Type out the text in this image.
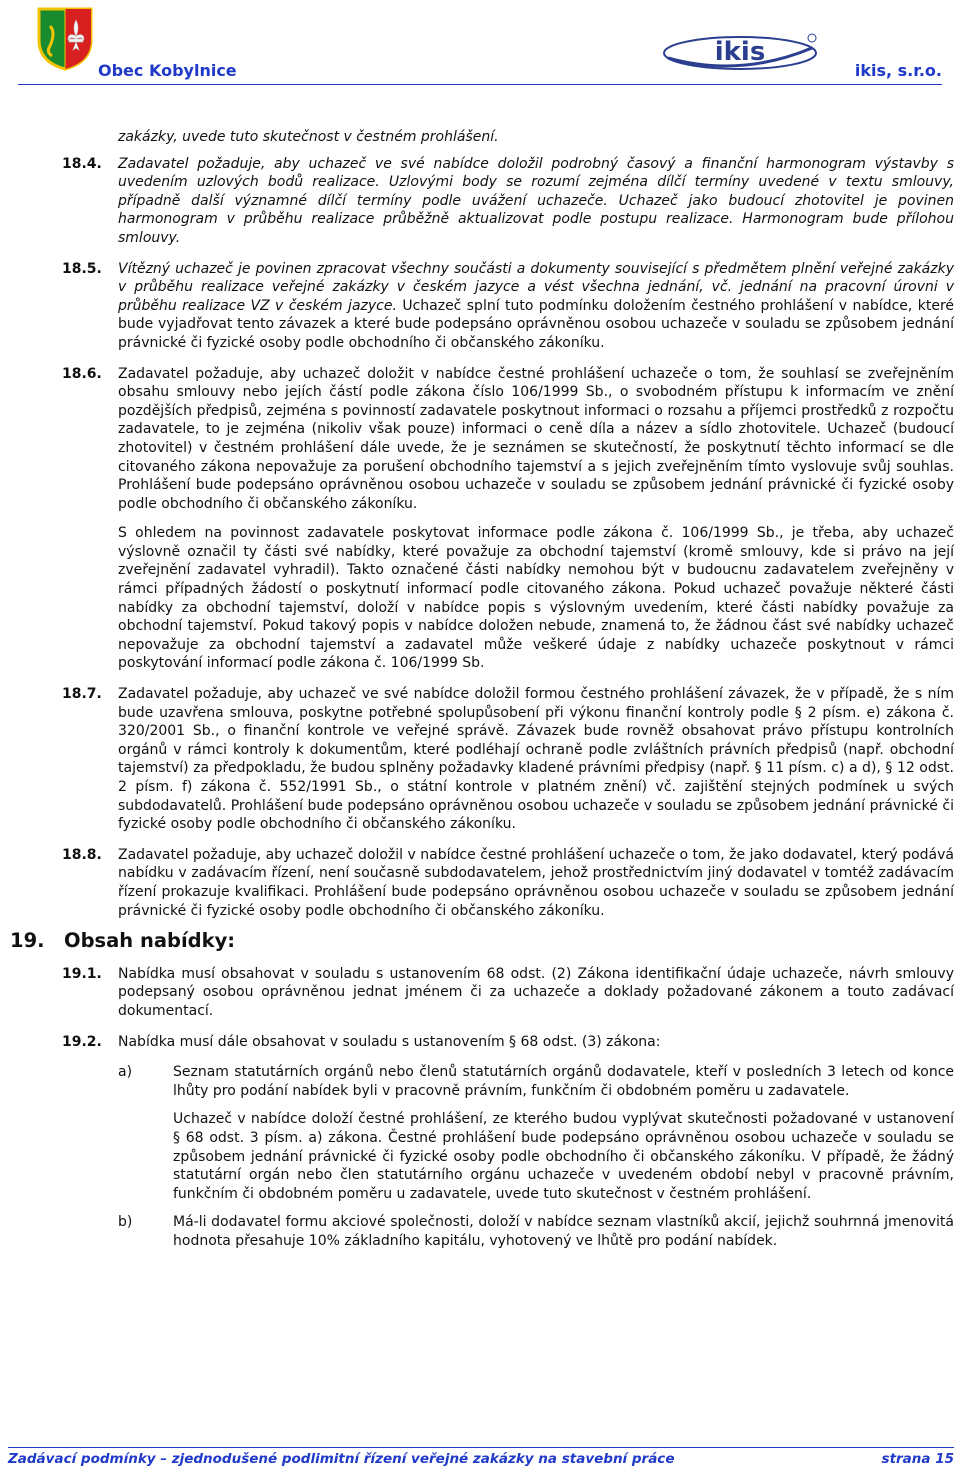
Obec Kobylnice
ikis
ikis, s.r.o.
zakázky, uvede tuto skutečnost v čestném prohlášení.
18.4.	Zadavatel požaduje, aby uchazeč ve své nabídce doložil podrobný časový a finanční harmonogram výstavby s uvedením uzlových bodů realizace. Uzlovými body se rozumí zejména dílčí termíny uvedené v textu smlouvy, případně další významné dílčí termíny podle uvážení uchazeče. Uchazeč jako budoucí zhotovitel je povinen harmonogram v průběhu realizace průběžně aktualizovat podle postupu realizace. Harmonogram bude přílohou smlouvy.

18.5.	Vítězný uchazeč je povinen zpracovat všechny součásti a dokumenty související s předmětem plnění veřejné zakázky v průběhu realizace veřejné zakázky v českém jazyce a vést všechna jednání, vč. jednání na pracovní úrovni v průběhu realizace VZ v českém jazyce. Uchazeč splní tuto podmínku doložením čestného prohlášení v nabídce, které bude vyjadřovat tento závazek a které bude podepsáno oprávněnou osobou uchazeče v souladu se způsobem jednání právnické či fyzické osoby podle obchodního či občanského zákoníku.

18.6.	Zadavatel požaduje, aby uchazeč doložit v nabídce čestné prohlášení uchazeče o tom, že souhlasí se zveřejněním obsahu smlouvy nebo jejích částí podle zákona číslo 106/1999 Sb., o svobodném přístupu k informacím ve znění pozdějších předpisů, zejména s povinností zadavatele poskytnout informaci o rozsahu a příjemci prostředků z rozpočtu zadavatele, to je zejména (nikoliv však pouze) informaci o ceně díla a název a sídlo zhotovitele. Uchazeč (budoucí zhotovitel) v čestném prohlášení dále uvede, že je seznámen se skutečností, že poskytnutí těchto informací se dle citovaného zákona nepovažuje za porušení obchodního tajemství a s jejich zveřejněním tímto vyslovuje svůj souhlas. Prohlášení bude podepsáno oprávněnou osobou uchazeče v souladu se způsobem jednání právnické či fyzické osoby podle obchodního či občanského zákoníku.

S ohledem na povinnost zadavatele poskytovat informace podle zákona č. 106/1999 Sb., je třeba, aby uchazeč výslovně označil ty části své nabídky, které považuje za obchodní tajemství (kromě smlouvy, kde si právo na její zveřejnění zadavatel vyhradil). Takto označené části nabídky nemohou být v budoucnu zadavatelem zveřejněny v rámci případných žádostí o poskytnutí informací podle citovaného zákona. Pokud uchazeč považuje některé části nabídky za obchodní tajemství, doloží v nabídce popis s výslovným uvedením, které části nabídky považuje za obchodní tajemství. Pokud takový popis v nabídce doložen nebude, znamená to, že žádnou část své nabídky uchazeč nepovažuje za obchodní tajemství a zadavatel může veškeré údaje z nabídky uchazeče poskytnout v rámci poskytování informací podle zákona č. 106/1999 Sb.

18.7.	Zadavatel požaduje, aby uchazeč ve své nabídce doložil formou čestného prohlášení závazek, že v případě, že s ním bude uzavřena smlouva, poskytne potřebné spolupůsobení při výkonu finanční kontroly podle § 2 písm. e) zákona č. 320/2001 Sb., o finanční kontrole ve veřejné správě. Závazek bude rovněž obsahovat právo přístupu kontrolních orgánů v rámci kontroly k dokumentům, které podléhají ochraně podle zvláštních právních předpisů (např. obchodní tajemství) za předpokladu, že budou splněny požadavky kladené právními předpisy (např. § 11 písm. c) a d), § 12 odst. 2 písm. f) zákona č. 552/1991 Sb., o státní kontrole v platném znění) vč. zajištění stejných podmínek u svých subdodavatelů. Prohlášení bude podepsáno oprávněnou osobou uchazeče v souladu se způsobem jednání právnické či fyzické osoby podle obchodního či občanského zákoníku.

18.8.	Zadavatel požaduje, aby uchazeč doložil v nabídce čestné prohlášení uchazeče o tom, že jako dodavatel, který podává nabídku v zadávacím řízení, není současně subdodavatelem, jehož prostřednictvím jiný dodavatel v tomtéž zadávacím řízení prokazuje kvalifikaci. Prohlášení bude podepsáno oprávněnou osobou uchazeče v souladu se způsobem jednání právnické či fyzické osoby podle obchodního či občanského zákoníku.

19. Obsah nabídky:
19.1.	Nabídka musí obsahovat v souladu s ustanovením 68 odst. (2) Zákona identifikační údaje uchazeče, návrh smlouvy podepsaný osobou oprávněnou jednat jménem či za uchazeče a doklady požadované zákonem a touto zadávací dokumentací.

19.2.	Nabídka musí dále obsahovat v souladu s ustanovením § 68 odst. (3) zákona:

a)	Seznam statutárních orgánů nebo členů statutárních orgánů dodavatele, kteří v posledních 3 letech od konce lhůty pro podání nabídek byli v pracovně právním, funkčním či obdobném poměru u zadavatele.

Uchazeč v nabídce doloží čestné prohlášení, ze kterého budou vyplývat skutečnosti požadované v ustanovení § 68 odst. 3 písm. a) zákona. Čestné prohlášení bude podepsáno oprávněnou osobou uchazeče v souladu se způsobem jednání právnické či fyzické osoby podle obchodního či občanského zákoníku. V případě, že žádný statutární orgán nebo člen statutárního orgánu uchazeče v uvedeném období nebyl v pracovně právním, funkčním či obdobném poměru u zadavatele, uvede tuto skutečnost v čestném prohlášení.

b)	Má-li dodavatel formu akciové společnosti, doloží v nabídce seznam vlastníků akcií, jejichž souhrnná jmenovitá hodnota přesahuje 10% základního kapitálu, vyhotovený ve lhůtě pro podání nabídek.

Zadávací podmínky – zjednodušené podlimitní řízení veřejné zakázky na stavební práce	strana 15
